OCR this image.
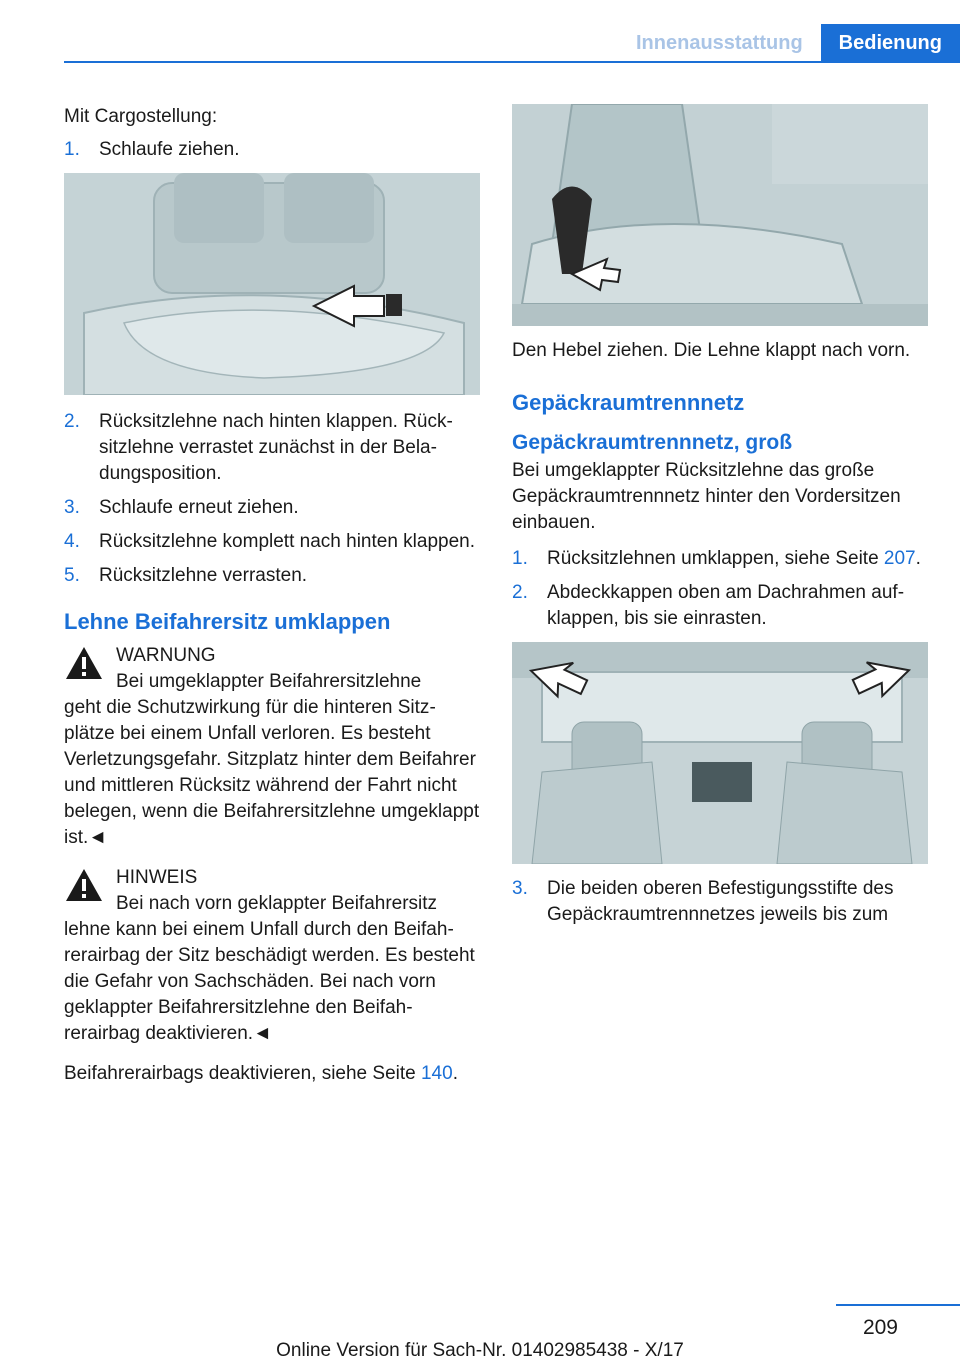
Innenausstattung	Bedienung

Mit Cargostellung:

1.	Schlaufe ziehen.
2.	Rücksitzlehne nach hinten klappen. Rücksitzlehne verrastet zunächst in der Beladungsposition.
3.	Schlaufe erneut ziehen.
4.	Rücksitzlehne komplett nach hinten klappen.
5.	Rücksitzlehne verrasten.
Lehne Beifahrersitz umklappen
WARNUNG
Bei umgeklappter Beifahrersitzlehne
geht die Schutzwirkung für die hinteren Sitzplätze bei einem Unfall verloren. Es besteht Verletzungsgefahr. Sitzplatz hinter dem Beifahrer und mittleren Rücksitz während der Fahrt nicht belegen, wenn die Beifahrersitzlehne umgeklappt ist.◄
HINWEIS
Bei nach vorn geklappter Beifahrersitz
lehne kann bei einem Unfall durch den Beifahrerairbag der Sitz beschädigt werden. Es besteht die Gefahr von Sachschäden. Bei nach vorn geklappter Beifahrersitzlehne den Beifahrerairbag deaktivieren.◄

Beifahrerairbags deaktivieren, siehe Seite 140.

Den Hebel ziehen. Die Lehne klappt nach vorn.

Gepäckraumtrennnetz
Gepäckraumtrennnetz, groß

Bei umgeklappter Rücksitzlehne das große Gepäckraumtrennnetz hinter den Vordersitzen einbauen.

1.	Rücksitzlehnen umklappen, siehe Seite 207.
2.	Abdeckkappen oben am Dachrahmen aufklappen, bis sie einrasten.
3.	Die beiden oberen Befestigungsstifte des Gepäckraumtrennnetzes jeweils bis zum
209
Online Version für Sach-Nr. 01402985438 - X/17
